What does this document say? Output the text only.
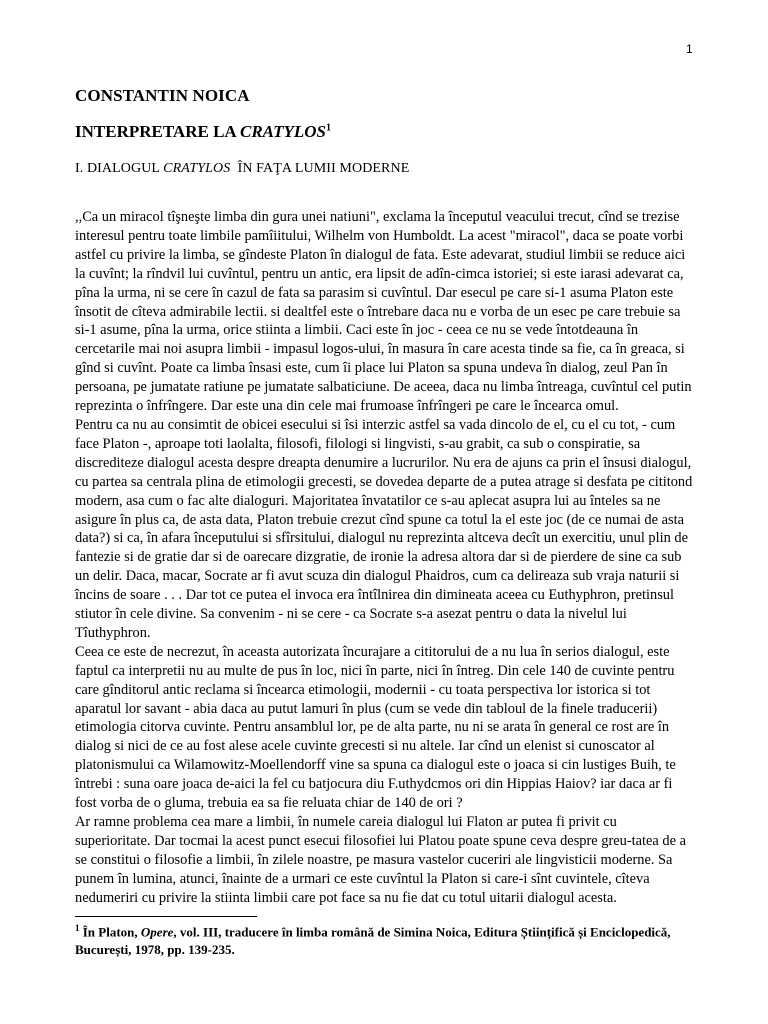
1
CONSTANTIN NOICA
INTERPRETARE LA CRATYLOS$^1$
I. DIALOGUL CRATYLOS  ÎN FAŢA LUMII MODERNE

,,Ca un miracol tîşneşte limba din gura unei natiuni", exclama la începutul veacului trecut, cînd se trezise interesul pentru toate limbile pamîiitului, Wilhelm von Humboldt. La acest "miracol", daca se poate vorbi astfel cu privire la limba, se gîndeste Platon în dialogul de fata. Este adevarat, studiul limbii se reduce aici la cuvînt; la rîndvil lui cuvîntul, pentru un antic, era lipsit de adîn-cimca istoriei; si este iarasi adevarat ca, pîna la urma, ni se cere în cazul de fata sa parasim si cuvîntul. Dar esecul pe care si-1 asuma Platon este însotit de cîteva admirabile lectii. si dealtfel este o întrebare daca nu e vorba de un esec pe care trebuie sa si-1 asume, pîna la urma, orice stiinta a limbii. Caci este în joc - ceea ce nu se vede întotdeauna în cercetarile mai noi asupra limbii - impasul logos-ului, în masura în care acesta tinde sa fie, ca în greaca, si gînd si cuvînt. Poate ca limba însasi este, cum îi place lui Platon sa spuna undeva în dialog, zeul Pan în persoana, pe jumatate ratiune pe jumatate salbaticiune. De aceea, daca nu limba întreaga, cuvîntul cel putin reprezinta o înfrîngere. Dar este una din cele mai frumoase înfrîngeri pe care le încearca omul.

Pentru ca nu au consimtit de obicei esecului si îsi interzic astfel sa vada dincolo de el, cu el cu tot, - cum face Platon -, aproape toti laolalta, filosofi, filologi si lingvisti, s-au grabit, ca sub o conspiratie, sa discrediteze dialogul acesta despre dreapta denumire a lucrurilor. Nu era de ajuns ca prin el însusi dialogul, cu partea sa centrala plina de etimologii grecesti, se dovedea departe de a putea atrage si desfata pe cititond modern, asa cum o fac alte dialoguri. Majoritatea învatatilor ce s-au aplecat asupra lui au înteles sa ne asigure în plus ca, de asta data, Platon trebuie crezut cînd spune ca totul la el este joc (de ce numai de asta data?) si ca, în afara începutului si sfîrsitului, dialogul nu reprezinta altceva decît un exercitiu, unul plin de fantezie si de gratie dar si de oarecare dizgratie, de ironie la adresa altora dar si de pierdere de sine ca sub un delir. Daca, macar, Socrate ar fi avut scuza din dialogul Phaidros, cum ca delireaza sub vraja naturii si încins de soare . . . Dar tot ce putea el invoca era întîlnirea din dimineata aceea cu Euthyphron, pretinsul stiutor în cele divine. Sa convenim - ni se cere - ca Socrate s-a asezat pentru o data la nivelul lui Tîuthyphron.

Ceea ce este de necrezut, în aceasta autorizata încurajare a cititorului de a nu lua în serios dialogul, este faptul ca interpretii nu au multe de pus în loc, nici în parte, nici în întreg. Din cele 140 de cuvinte pentru care gînditorul antic reclama si încearca etimologii, modernii - cu toata perspectiva lor istorica si tot aparatul lor savant - abia daca au putut lamuri în plus (cum se vede din tabloul de la finele traducerii) etimologia citorva cuvinte. Pentru ansamblul lor, pe de alta parte, nu ni se arata în general ce rost are în dialog si nici de ce au fost alese acele cuvinte grecesti si nu altele. Iar cînd un elenist si cunoscator al platonismului ca Wilamowitz-Moellendorff vine sa spuna ca dialogul este o joaca si cin lustiges Buih, te întrebi : suna oare joaca de-aici la fel cu batjocura diu F.uthydcmos ori din Hippias Haiov? iar daca ar fi fost vorba de o gluma, trebuia ea sa fie reluata chiar de 140 de ori ?

Ar ramne problema cea mare a limbii, în numele careia dialogul lui Flaton ar putea fi privit cu superioritate. Dar tocmai la acest punct esecui filosofiei lui Platou poate spune ceva despre greu-tatea de a se constitui o filosofie a limbii, în zilele noastre, pe masura vastelor cuceriri ale lingvisticii moderne. Sa punem în lumina, atunci, înainte de a urmari ce este cuvîntul la Platon si care-i sînt cuvintele, cîteva nedumeriri cu privire la stiinta limbii care pot face sa nu fie dat cu totul uitarii dialogul acesta.

$^1$ În Platon, Opere, vol. III, traducere în limba română de Simina Noica, Editura Științifică și Enciclopedică, București, 1978, pp. 139-235.
